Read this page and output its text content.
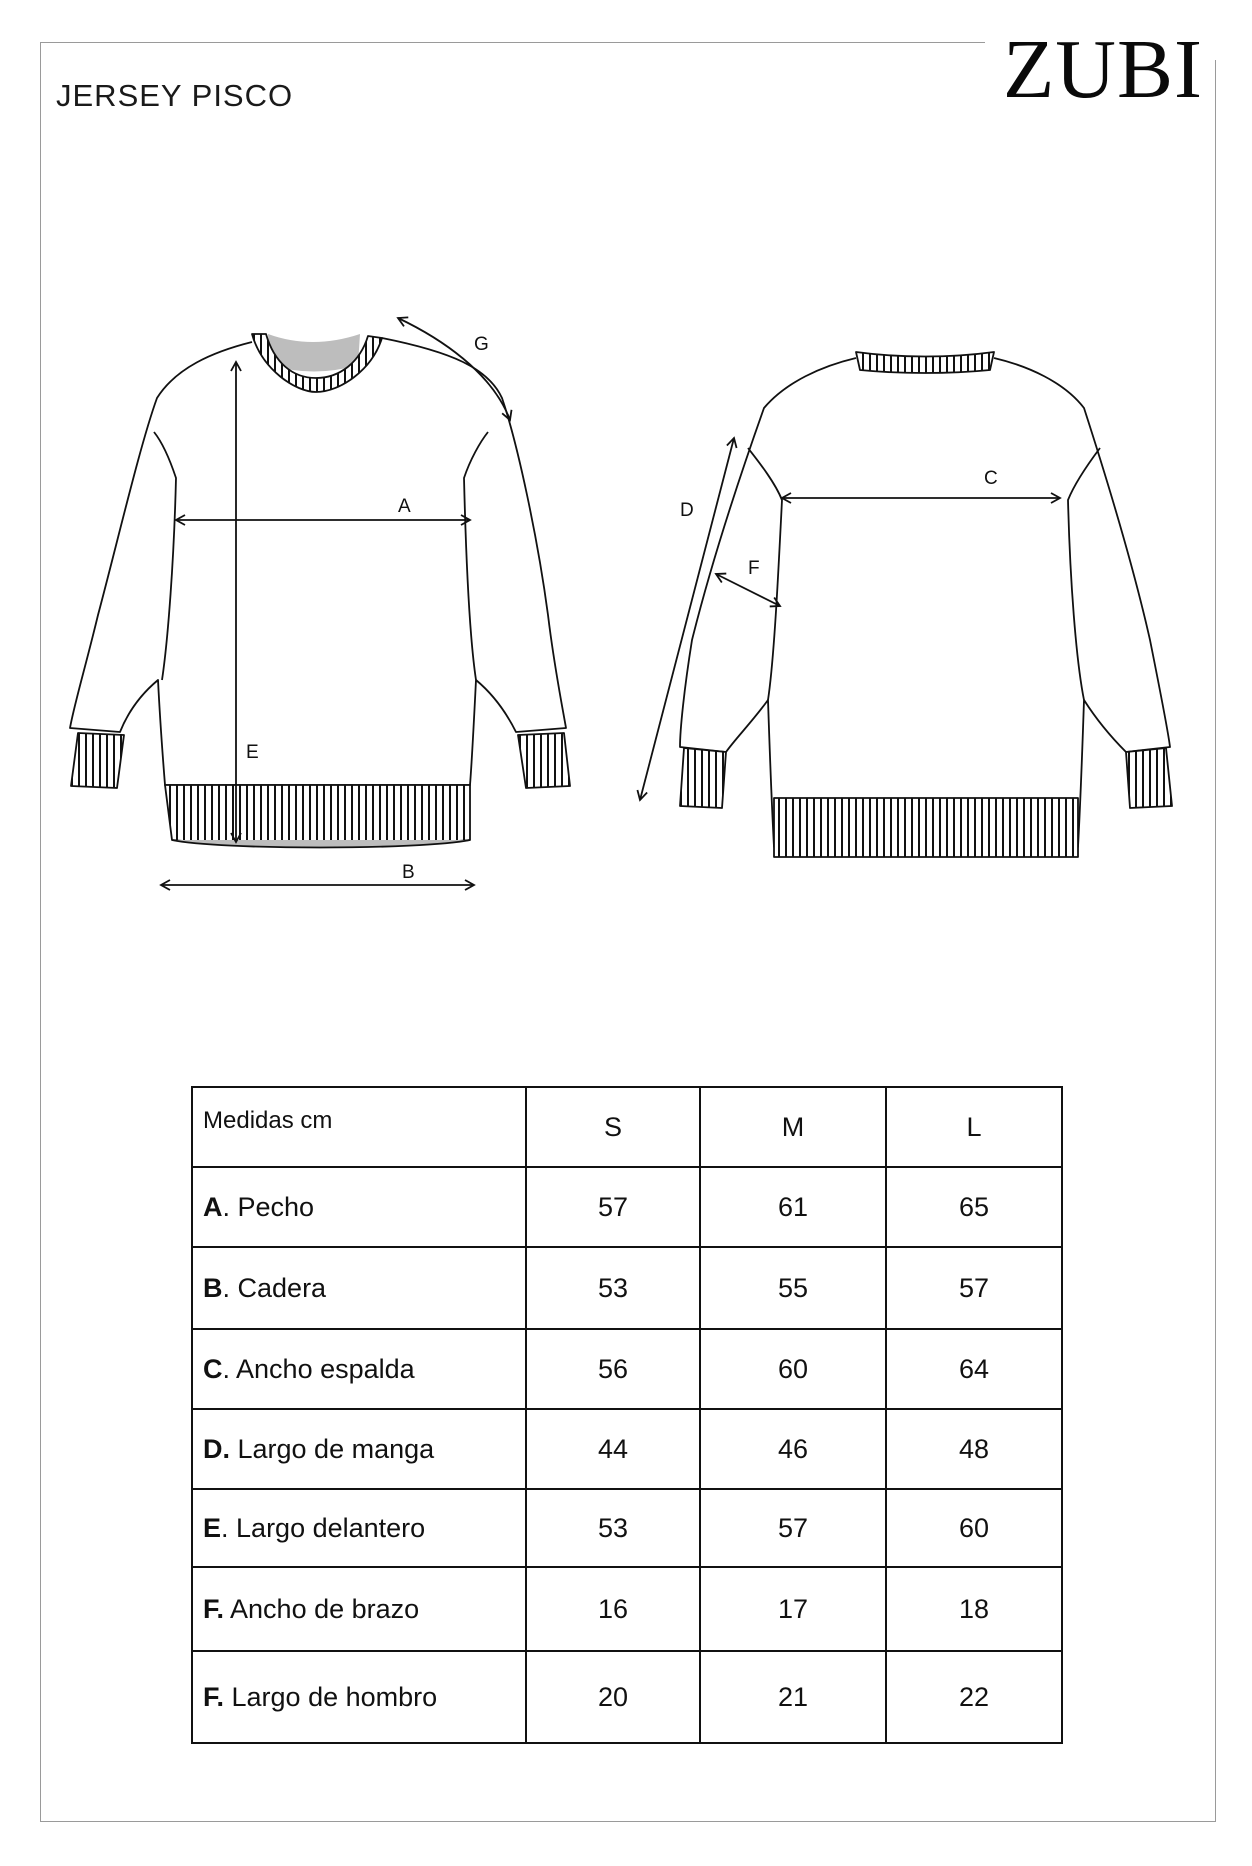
ZUBI
JERSEY PISCO
A
B
C
D
E
F
G
Medidas cm	S	M	L
A. Pecho	57	61	65
B. Cadera	53	55	57
C. Ancho espalda	56	60	64
D. Largo de manga	44	46	48
E. Largo delantero	53	57	60
F. Ancho de brazo	16	17	18
F. Largo de hombro	20	21	22
